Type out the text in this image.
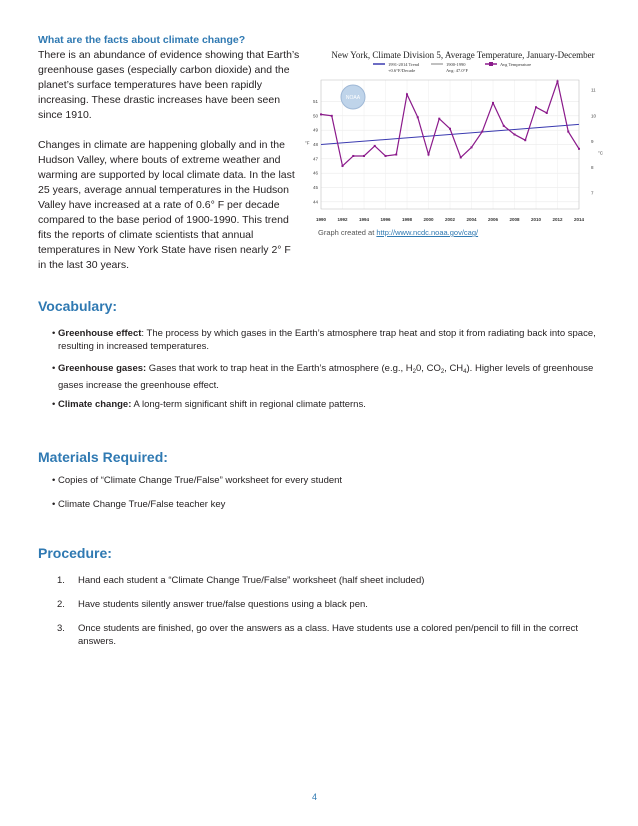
What are the facts about climate change?

There is an abundance of evidence showing that Earth’s greenhouse gases (especially carbon dioxide) and the planet’s surface temperatures have been rapidly increasing. These drastic increases have been seen since 1910.

Changes in climate are happening globally and in the Hudson Valley, where bouts of extreme weather and warming are supported by local climate data. In the last 25 years, average annual temperatures in the Hudson Valley have increased at a rate of 0.6° F per decade compared to the base period of 1900-1990. This trend fits the reports of climate scientists that annual temperatures in New York State have risen nearly 2° F in the last 30 years.

New York, Climate Division 5, Average Temperature, January-December
1991-2014 Trend
+0.6°F/Decade
1900-1990
Avg: 47.0°F
Avg Temperature
44
45
46
47
48
49
50
51
7
8
9
10
11
1990	1992	1994	1996	1998	2000	2002	2004	2006	2008	2010	2012	2014
°F
°C
NOAA
Graph created at http://www.ncdc.noaa.gov/cag/
Vocabulary:
• Greenhouse effect: The process by which gases in the Earth’s atmosphere trap heat and stop it from radiating back into space, resulting in increased temperatures.
• Greenhouse gases: Gases that work to trap heat in the Earth’s atmosphere (e.g., $H_20$, $CO_2$, $CH_4$). Higher levels of greenhouse gases increase the greenhouse effect.
• Climate change: A long-term significant shift in regional climate patterns.
Materials Required:
• Copies of “Climate Change True/False” worksheet for every student
• Climate Change True/False teacher key
Procedure:
1. Hand each student a “Climate Change True/False” worksheet (half sheet included)
2. Have students silently answer true/false questions using a black pen.
3. Once students are finished, go over the answers as a class. Have students use a colored pen/pencil to fill in the correct answers.
4
